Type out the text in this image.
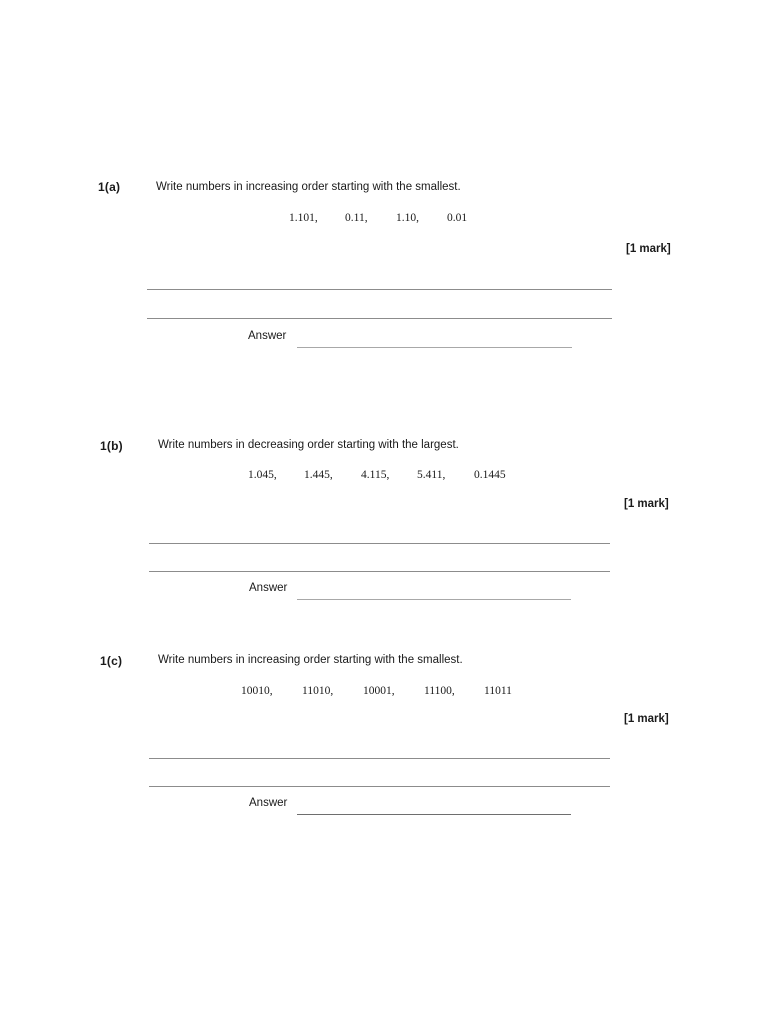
1(a)	Write numbers in increasing order starting with the smallest.
1.101, 0.11, 1.10, 0.01
[1 mark]
Answer
1(b)	Write numbers in decreasing order starting with the largest.
1.045, 1.445, 4.115, 5.411, 0.1445
[1 mark]
Answer
1(c)	Write numbers in increasing order starting with the smallest.
10010,	11010,	10001,	11100,	11011
[1 mark]
Answer
